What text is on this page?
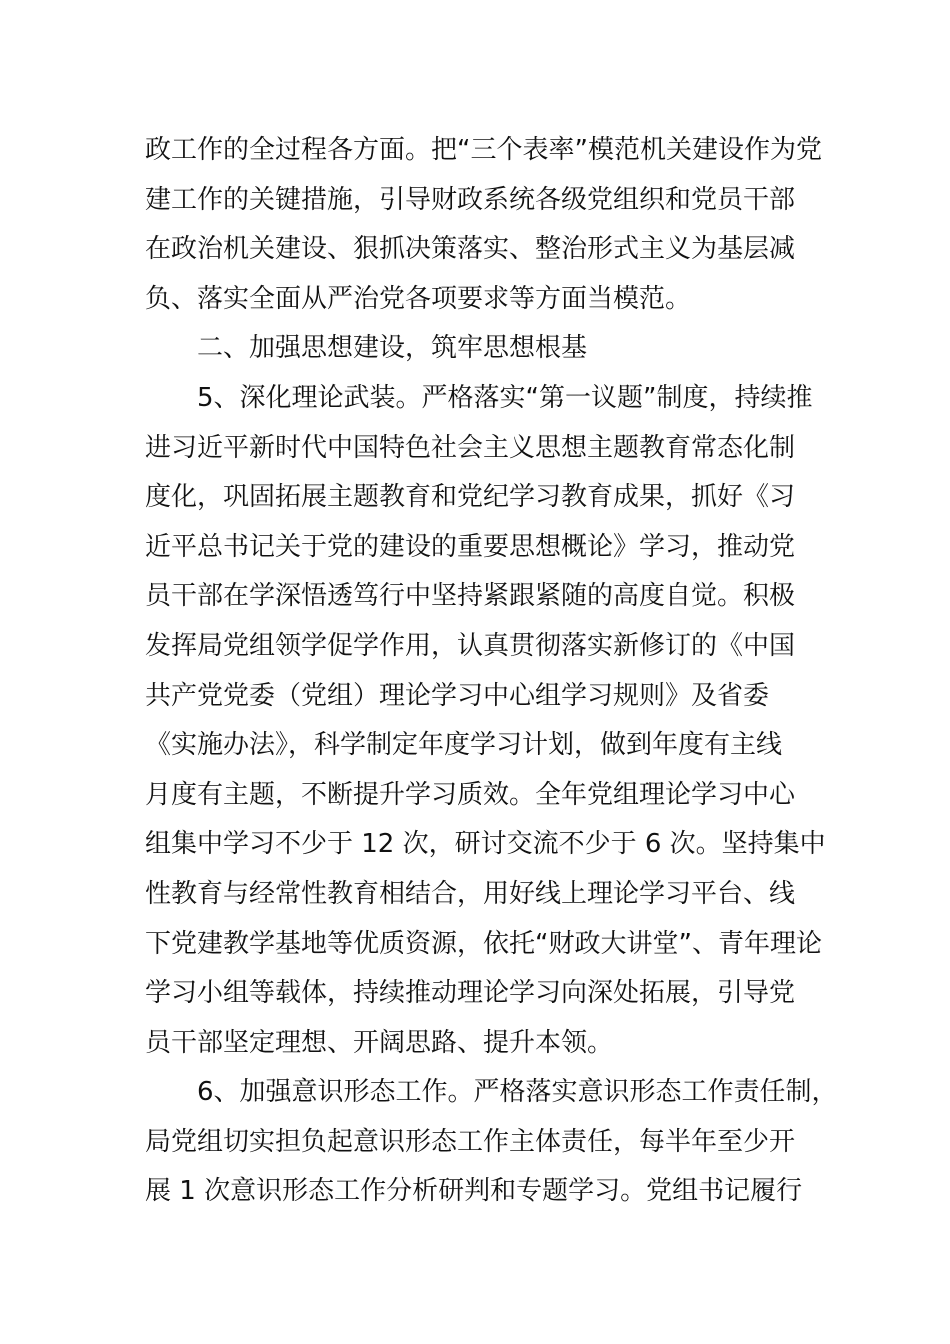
政工作的全过程各方面。把“三个表率”模范机关建设作为党
建工作的关键措施，引导财政系统各级党组织和党员干部
在政治机关建设、狠抓决策落实、整治形式主义为基层减
负、落实全面从严治党各项要求等方面当模范。
二、加强思想建设，筑牢思想根基
5、深化理论武装。严格落实“第一议题”制度，持续推
进习近平新时代中国特色社会主义思想主题教育常态化制
度化，巩固拓展主题教育和党纪学习教育成果，抓好《习
近平总书记关于党的建设的重要思想概论》学习，推动党
员干部在学深悟透笃行中坚持紧跟紧随的高度自觉。积极
发挥局党组领学促学作用，认真贯彻落实新修订的《中国
共产党党委（党组）理论学习中心组学习规则》及省委
《实施办法》，科学制定年度学习计划，做到年度有主线
月度有主题，不断提升学习质效。全年党组理论学习中心
组集中学习不少于 12 次，研讨交流不少于 6 次。坚持集中
性教育与经常性教育相结合，用好线上理论学习平台、线
下党建教学基地等优质资源，依托“财政大讲堂”、青年理论
学习小组等载体，持续推动理论学习向深处拓展，引导党
员干部坚定理想、开阔思路、提升本领。
6、加强意识形态工作。严格落实意识形态工作责任制，
局党组切实担负起意识形态工作主体责任，每半年至少开
展 1 次意识形态工作分析研判和专题学习。党组书记履行
